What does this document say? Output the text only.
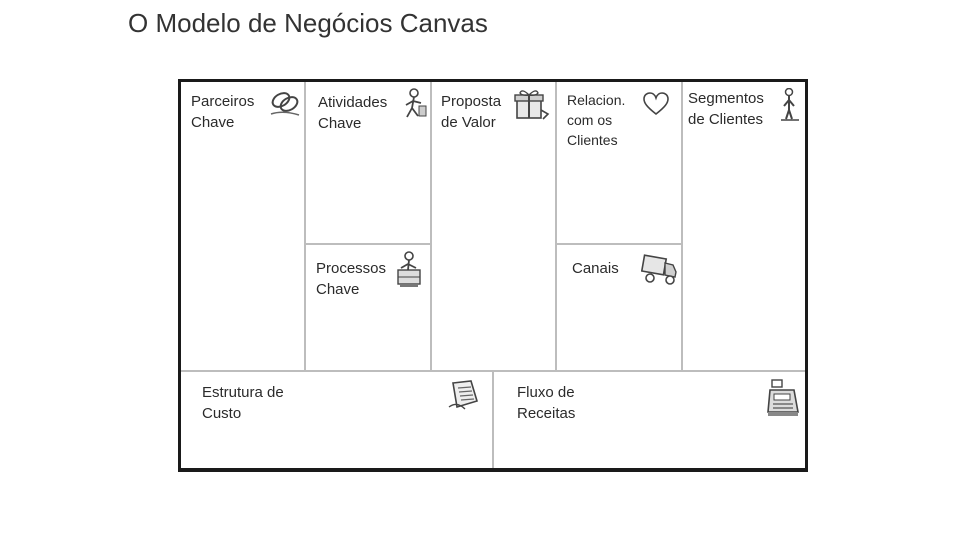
O Modelo de Negócios Canvas
Parceiros
Chave
Atividades
Chave
Processos
Chave
Proposta
de Valor
Relacion.
com os
Clientes
Canais
Segmentos
de Clientes
Estrutura de
Custo
Fluxo de
Receitas
